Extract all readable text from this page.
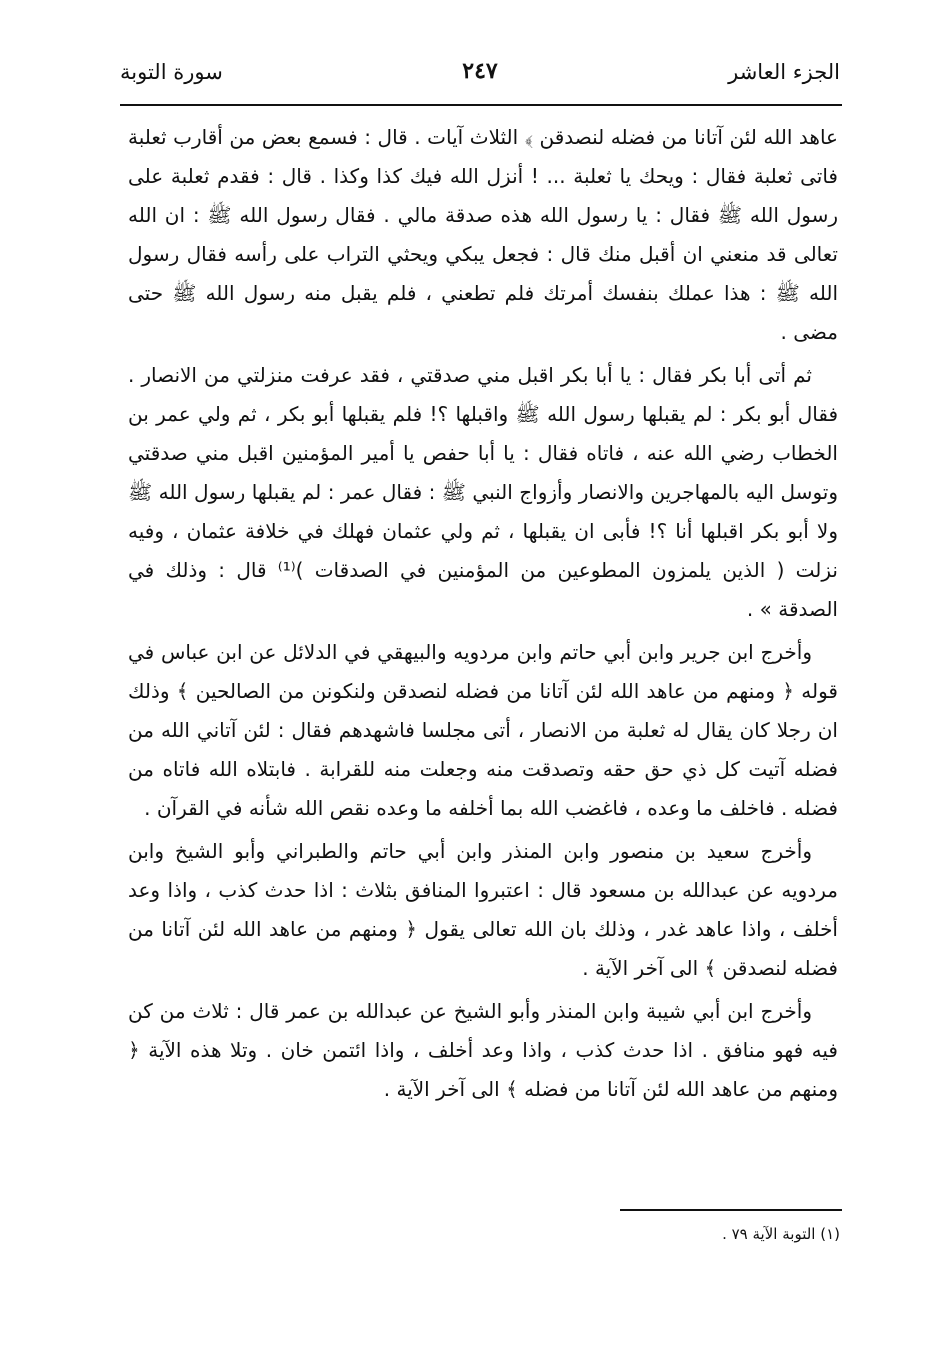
الجزء العاشر
٢٤٧
سورة التوبة

عاهد الله لئن آتانا من فضله لنصدقن ﴾ الثلاث آيات . قال : فسمع بعض من أقارب ثعلبة فاتى ثعلبة فقال : ويحك يا ثعلبة ... ! أنزل الله فيك كذا وكذا . قال : فقدم ثعلبة على رسول الله ﷺ فقال : يا رسول الله هذه صدقة مالي . فقال رسول الله ﷺ : ان الله تعالى قد منعني ان أقبل منك قال : فجعل يبكي ويحثي التراب على رأسه فقال رسول الله ﷺ : هذا عملك بنفسك أمرتك فلم تطعني ، فلم يقبل منه رسول الله ﷺ حتى مضى .

ثم أتى أبا بكر فقال : يا أبا بكر اقبل مني صدقتي ، فقد عرفت منزلتي من الانصار . فقال أبو بكر : لم يقبلها رسول الله ﷺ واقبلها ؟! فلم يقبلها أبو بكر ، ثم ولي عمر بن الخطاب رضي الله عنه ، فاتاه فقال : يا أبا حفص يا أمير المؤمنين اقبل مني صدقتي وتوسل اليه بالمهاجرين والانصار وأزواج النبي ﷺ : فقال عمر : لم يقبلها رسول الله ﷺ ولا أبو بكر اقبلها أنا ؟! فأبى ان يقبلها ، ثم ولي عثمان فهلك في خلافة عثمان ، وفيه نزلت ( الذين يلمزون المطوعين من المؤمنين في الصدقات )⁽¹⁾ قال : وذلك في الصدقة » .

وأخرج ابن جرير وابن أبي حاتم وابن مردويه والبيهقي في الدلائل عن ابن عباس في قوله ﴿ ومنهم من عاهد الله لئن آتانا من فضله لنصدقن ولنكونن من الصالحين ﴾ وذلك ان رجلا كان يقال له ثعلبة من الانصار ، أتى مجلسا فاشهدهم فقال : لئن آتاني الله من فضله آتيت كل ذي حق حقه وتصدقت منه وجعلت منه للقرابة . فابتلاه الله فاتاه من فضله . فاخلف ما وعده ، فاغضب الله بما أخلفه ما وعده نقص الله شأنه في القرآن .

وأخرج سعيد بن منصور وابن المنذر وابن أبي حاتم والطبراني وأبو الشيخ وابن مردويه عن عبدالله بن مسعود قال : اعتبروا المنافق بثلاث : اذا حدث كذب ، واذا وعد أخلف ، واذا عاهد غدر ، وذلك بان الله تعالى يقول ﴿ ومنهم من عاهد الله لئن آتانا من فضله لنصدقن ﴾ الى آخر الآية .

وأخرج ابن أبي شيبة وابن المنذر وأبو الشيخ عن عبدالله بن عمر قال : ثلاث من كن فيه فهو منافق . اذا حدث كذب ، واذا وعد أخلف ، واذا ائتمن خان . وتلا هذه الآية ﴿ ومنهم من عاهد الله لئن آتانا من فضله ﴾ الى آخر الآية .

(١) التوبة الآية ٧٩ .
